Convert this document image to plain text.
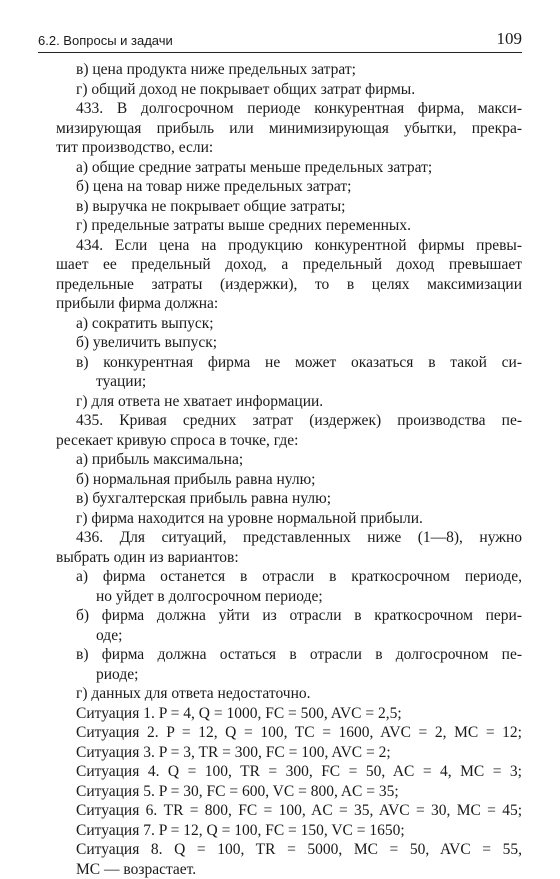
6.2. Вопросы и задачи	109
в) цена продукта ниже предельных затрат;
г) общий доход не покрывает общих затрат фирмы.
433. В долгосрочном периоде конкурентная фирма, макси-
мизирующая прибыль или минимизирующая убытки, прекра-
тит производство, если:
а) общие средние затраты меньше предельных затрат;
б) цена на товар ниже предельных затрат;
в) выручка не покрывает общие затраты;
г) предельные затраты выше средних переменных.
434. Если цена на продукцию конкурентной фирмы превы-
шает ее предельный доход, а предельный доход превышает
предельные затраты (издержки), то в целях максимизации
прибыли фирма должна:
а) сократить выпуск;
б) увеличить выпуск;
в) конкурентная фирма не может оказаться в такой си-
туации;
г) для ответа не хватает информации.
435. Кривая средних затрат (издержек) производства пе-
ресекает кривую спроса в точке, где:
а) прибыль максимальна;
б) нормальная прибыль равна нулю;
в) бухгалтерская прибыль равна нулю;
г) фирма находится на уровне нормальной прибыли.
436. Для ситуаций, представленных ниже (1—8), нужно
выбрать один из вариантов:
а) фирма останется в отрасли в краткосрочном периоде,
но уйдет в долгосрочном периоде;
б) фирма должна уйти из отрасли в краткосрочном пери-
оде;
в) фирма должна остаться в отрасли в долгосрочном пе-
риоде;
г) данных для ответа недостаточно.
Ситуация 1. P = 4, Q = 1000, FC = 500, AVC = 2,5;
Ситуация 2. P = 12, Q = 100, TC = 1600, AVC = 2, MC = 12;
Ситуация 3. P = 3, TR = 300, FC = 100, AVC = 2;
Ситуация 4. Q = 100, TR = 300, FC = 50, AC = 4, MC = 3;
Ситуация 5. P = 30, FC = 600, VC = 800, AC = 35;
Ситуация 6. TR = 800, FC = 100, AC = 35, AVC = 30, MC = 45;
Ситуация 7. P = 12, Q = 100, FC = 150, VC = 1650;
Ситуация 8. Q = 100, TR = 5000, MC = 50, AVC = 55,
MC — возрастает.
